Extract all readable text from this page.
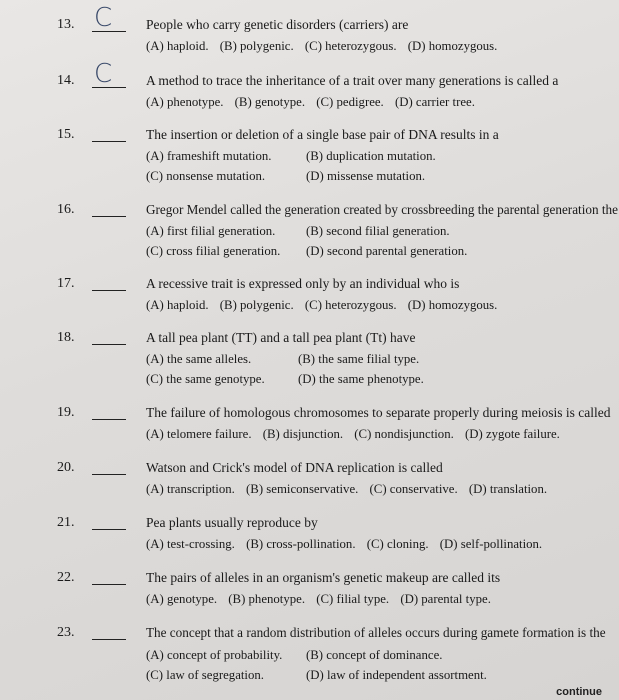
13. C	People who carry genetic disorders (carriers) are
(A) haploid. (B) polygenic. (C) heterozygous. (D) homozygous.
14. C	A method to trace the inheritance of a trait over many generations is called a
(A) phenotype. (B) genotype. (C) pedigree. (D) carrier tree.
15.	The insertion or deletion of a single base pair of DNA results in a
(A) frameshift mutation.	(B) duplication mutation.
(C) nonsense mutation.	(D) missense mutation.
16.	Gregor Mendel called the generation created by crossbreeding the parental generation the
(A) first filial generation. (B) second filial generation.
(C) cross filial generation. (D) second parental generation.
17.	A recessive trait is expressed only by an individual who is
(A) haploid. (B) polygenic. (C) heterozygous. (D) homozygous.
18.	A tall pea plant (TT) and a tall pea plant (Tt) have
(A) the same alleles.	(B) the same filial type.
(C) the same genotype.	(D) the same phenotype.
19.	The failure of homologous chromosomes to separate properly during meiosis is called
(A) telomere failure. (B) disjunction. (C) nondisjunction. (D) zygote failure.
20.	Watson and Crick's model of DNA replication is called
(A) transcription. (B) semiconservative. (C) conservative. (D) translation.
21.	Pea plants usually reproduce by
(A) test-crossing. (B) cross-pollination. (C) cloning. (D) self-pollination.
22.	The pairs of alleles in an organism's genetic makeup are called its
(A) genotype. (B) phenotype. (C) filial type. (D) parental type.
23.	The concept that a random distribution of alleles occurs during gamete formation is the
(A) concept of probability. (B) concept of dominance.
(C) law of segregation.	(D) law of independent assortment.
continue
